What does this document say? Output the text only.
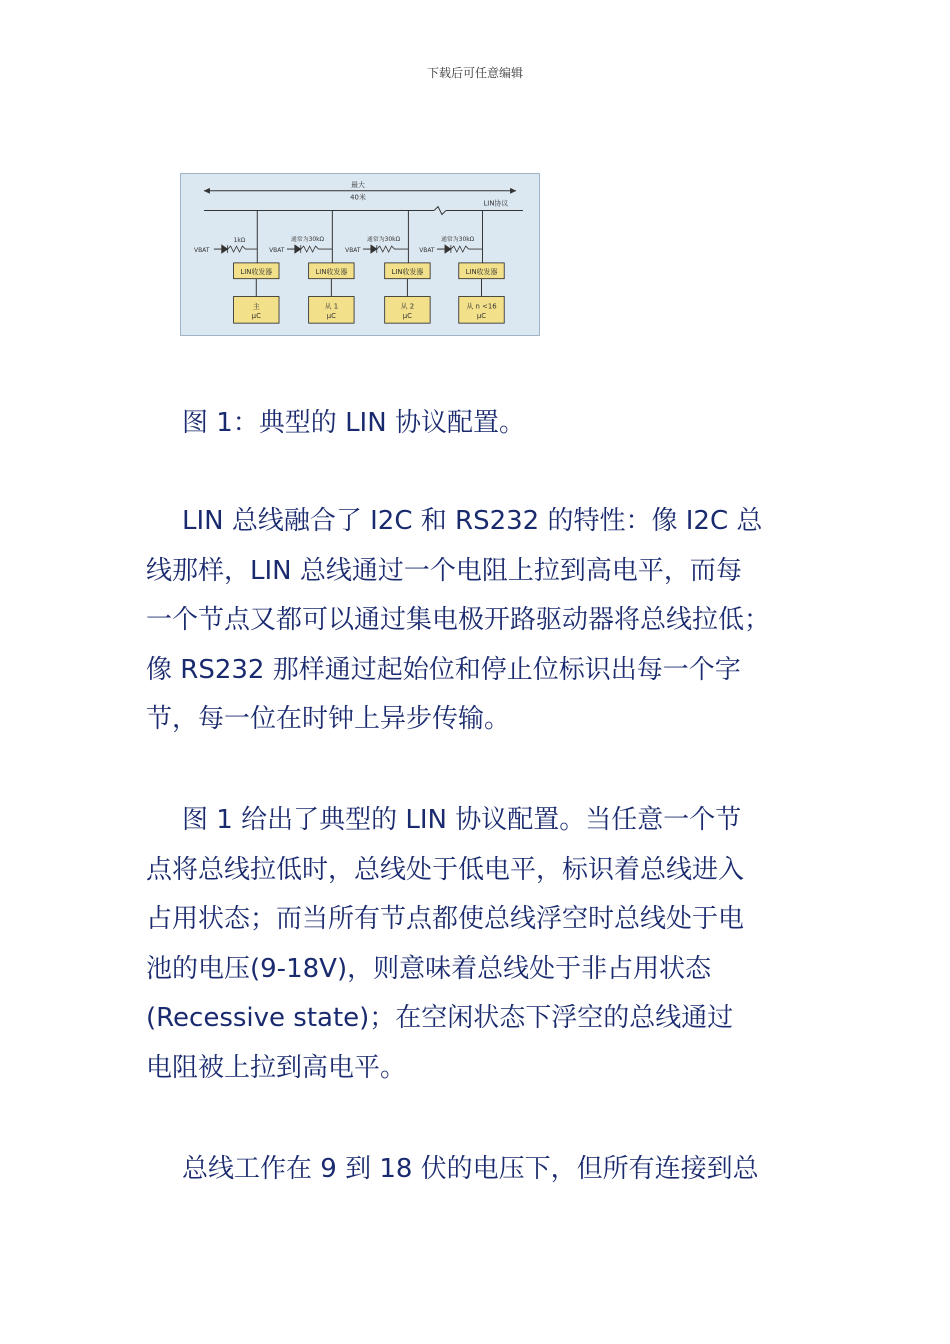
下载后可任意编辑
最大
40米
LIN协议
VBAT
1kΩ
LIN收发器
主
μC
VBAT
通常为30kΩ
LIN收发器
从 1
μC
VBAT
通常为30kΩ
LIN收发器
从 2
μC
VBAT
通常为30kΩ
LIN收发器
从 n <16
μC
图 1：典型的 LIN 协议配置。
LIN 总线融合了 I2C 和 RS232 的特性：像 I2C 总
线那样，LIN 总线通过一个电阻上拉到高电平，而每
一个节点又都可以通过集电极开路驱动器将总线拉低；
像 RS232 那样通过起始位和停止位标识出每一个字
节，每一位在时钟上异步传输。
图 1 给出了典型的 LIN 协议配置。当任意一个节
点将总线拉低时，总线处于低电平，标识着总线进入
占用状态；而当所有节点都使总线浮空时总线处于电
池的电压(9-18V)，则意味着总线处于非占用状态
(Recessive state)；在空闲状态下浮空的总线通过
电阻被上拉到高电平。
总线工作在 9 到 18 伏的电压下，但所有连接到总
